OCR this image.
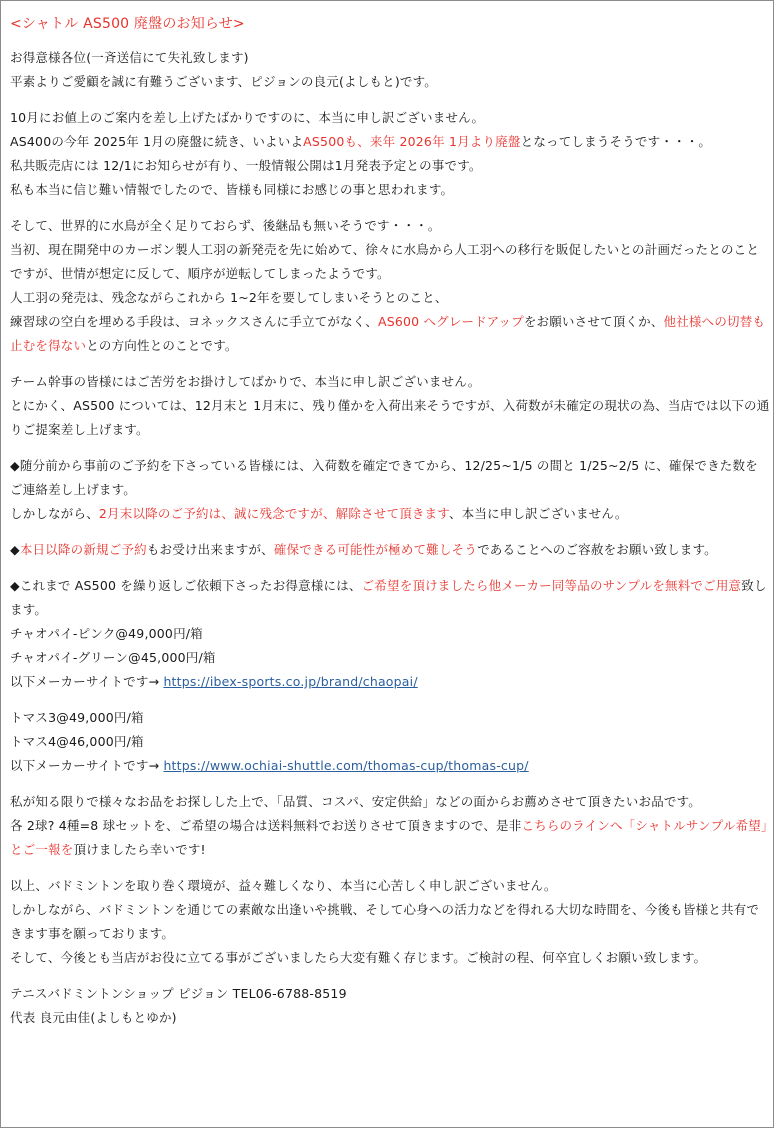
<シャトル AS500 廃盤のお知らせ>
お得意様各位(一斉送信にて失礼致します)
平素よりご愛顧を誠に有難うございます、ピジョンの良元(よしもと)です。
10月にお値上のご案内を差し上げたばかりですのに、本当に申し訳ございません。
AS400の今年 2025年 1月の廃盤に続き、いよいよAS500も、来年 2026年 1月より廃盤となってしまうそうです・・・。
私共販売店には 12/1にお知らせが有り、一般情報公開は1月発表予定との事です。
私も本当に信じ難い情報でしたので、皆様も同様にお感じの事と思われます。
そして、世界的に水鳥が全く足りておらず、後継品も無いそうです・・・。
当初、現在開発中のカーボン製人工羽の新発売を先に始めて、徐々に水鳥から人工羽への移行を販促したいとの計画だったとのことですが、世情が想定に反して、順序が逆転してしまったようです。
人工羽の発売は、残念ながらこれから 1~2年を要してしまいそうとのこと、
練習球の空白を埋める手段は、ヨネックスさんに手立てがなく、AS600 へグレードアップをお願いさせて頂くか、他社様への切替も止むを得ないとの方向性とのことです。
チーム幹事の皆様にはご苦労をお掛けしてばかりで、本当に申し訳ございません。
とにかく、AS500 については、12月末と 1月末に、残り僅かを入荷出来そうですが、入荷数が未確定の現状の為、当店では以下の通りご提案差し上げます。
◆随分前から事前のご予約を下さっている皆様には、入荷数を確定できてから、12/25~1/5 の間と 1/25~2/5 に、確保できた数をご連絡差し上げます。
しかしながら、2月末以降のご予約は、誠に残念ですが、解除させて頂きます、本当に申し訳ございません。
◆本日以降の新規ご予約もお受け出来ますが、確保できる可能性が極めて難しそうであることへのご容赦をお願い致します。
◆これまで AS500 を繰り返しご依頼下さったお得意様には、ご希望を頂けましたら他メーカー同等品のサンプルを無料でご用意致します。
チャオパイ-ピンク@49,000円/箱
チャオパイ-グリーン@45,000円/箱
以下メーカーサイトです→ https://ibex-sports.co.jp/brand/chaopai/
トマス3@49,000円/箱
トマス4@46,000円/箱
以下メーカーサイトです→ https://www.ochiai-shuttle.com/thomas-cup/thomas-cup/
私が知る限りで様々なお品をお探しした上で、「品質、コスパ、安定供給」などの面からお薦めさせて頂きたいお品です。
各 2球? 4種=8 球セットを、ご希望の場合は送料無料でお送りさせて頂きますので、是非こちらのラインへ「シャトルサンプル希望」とご一報を頂けましたら幸いです!
以上、バドミントンを取り巻く環境が、益々難しくなり、本当に心苦しく申し訳ございません。
しかしながら、バドミントンを通じての素敵な出逢いや挑戦、そして心身への活力などを得れる大切な時間を、今後も皆様と共有できます事を願っております。
そして、今後とも当店がお役に立てる事がございましたら大変有難く存じます。ご検討の程、何卒宜しくお願い致します。
テニスバドミントンショップ ピジョン TEL06-6788-8519
代表 良元由佳(よしもとゆか)
